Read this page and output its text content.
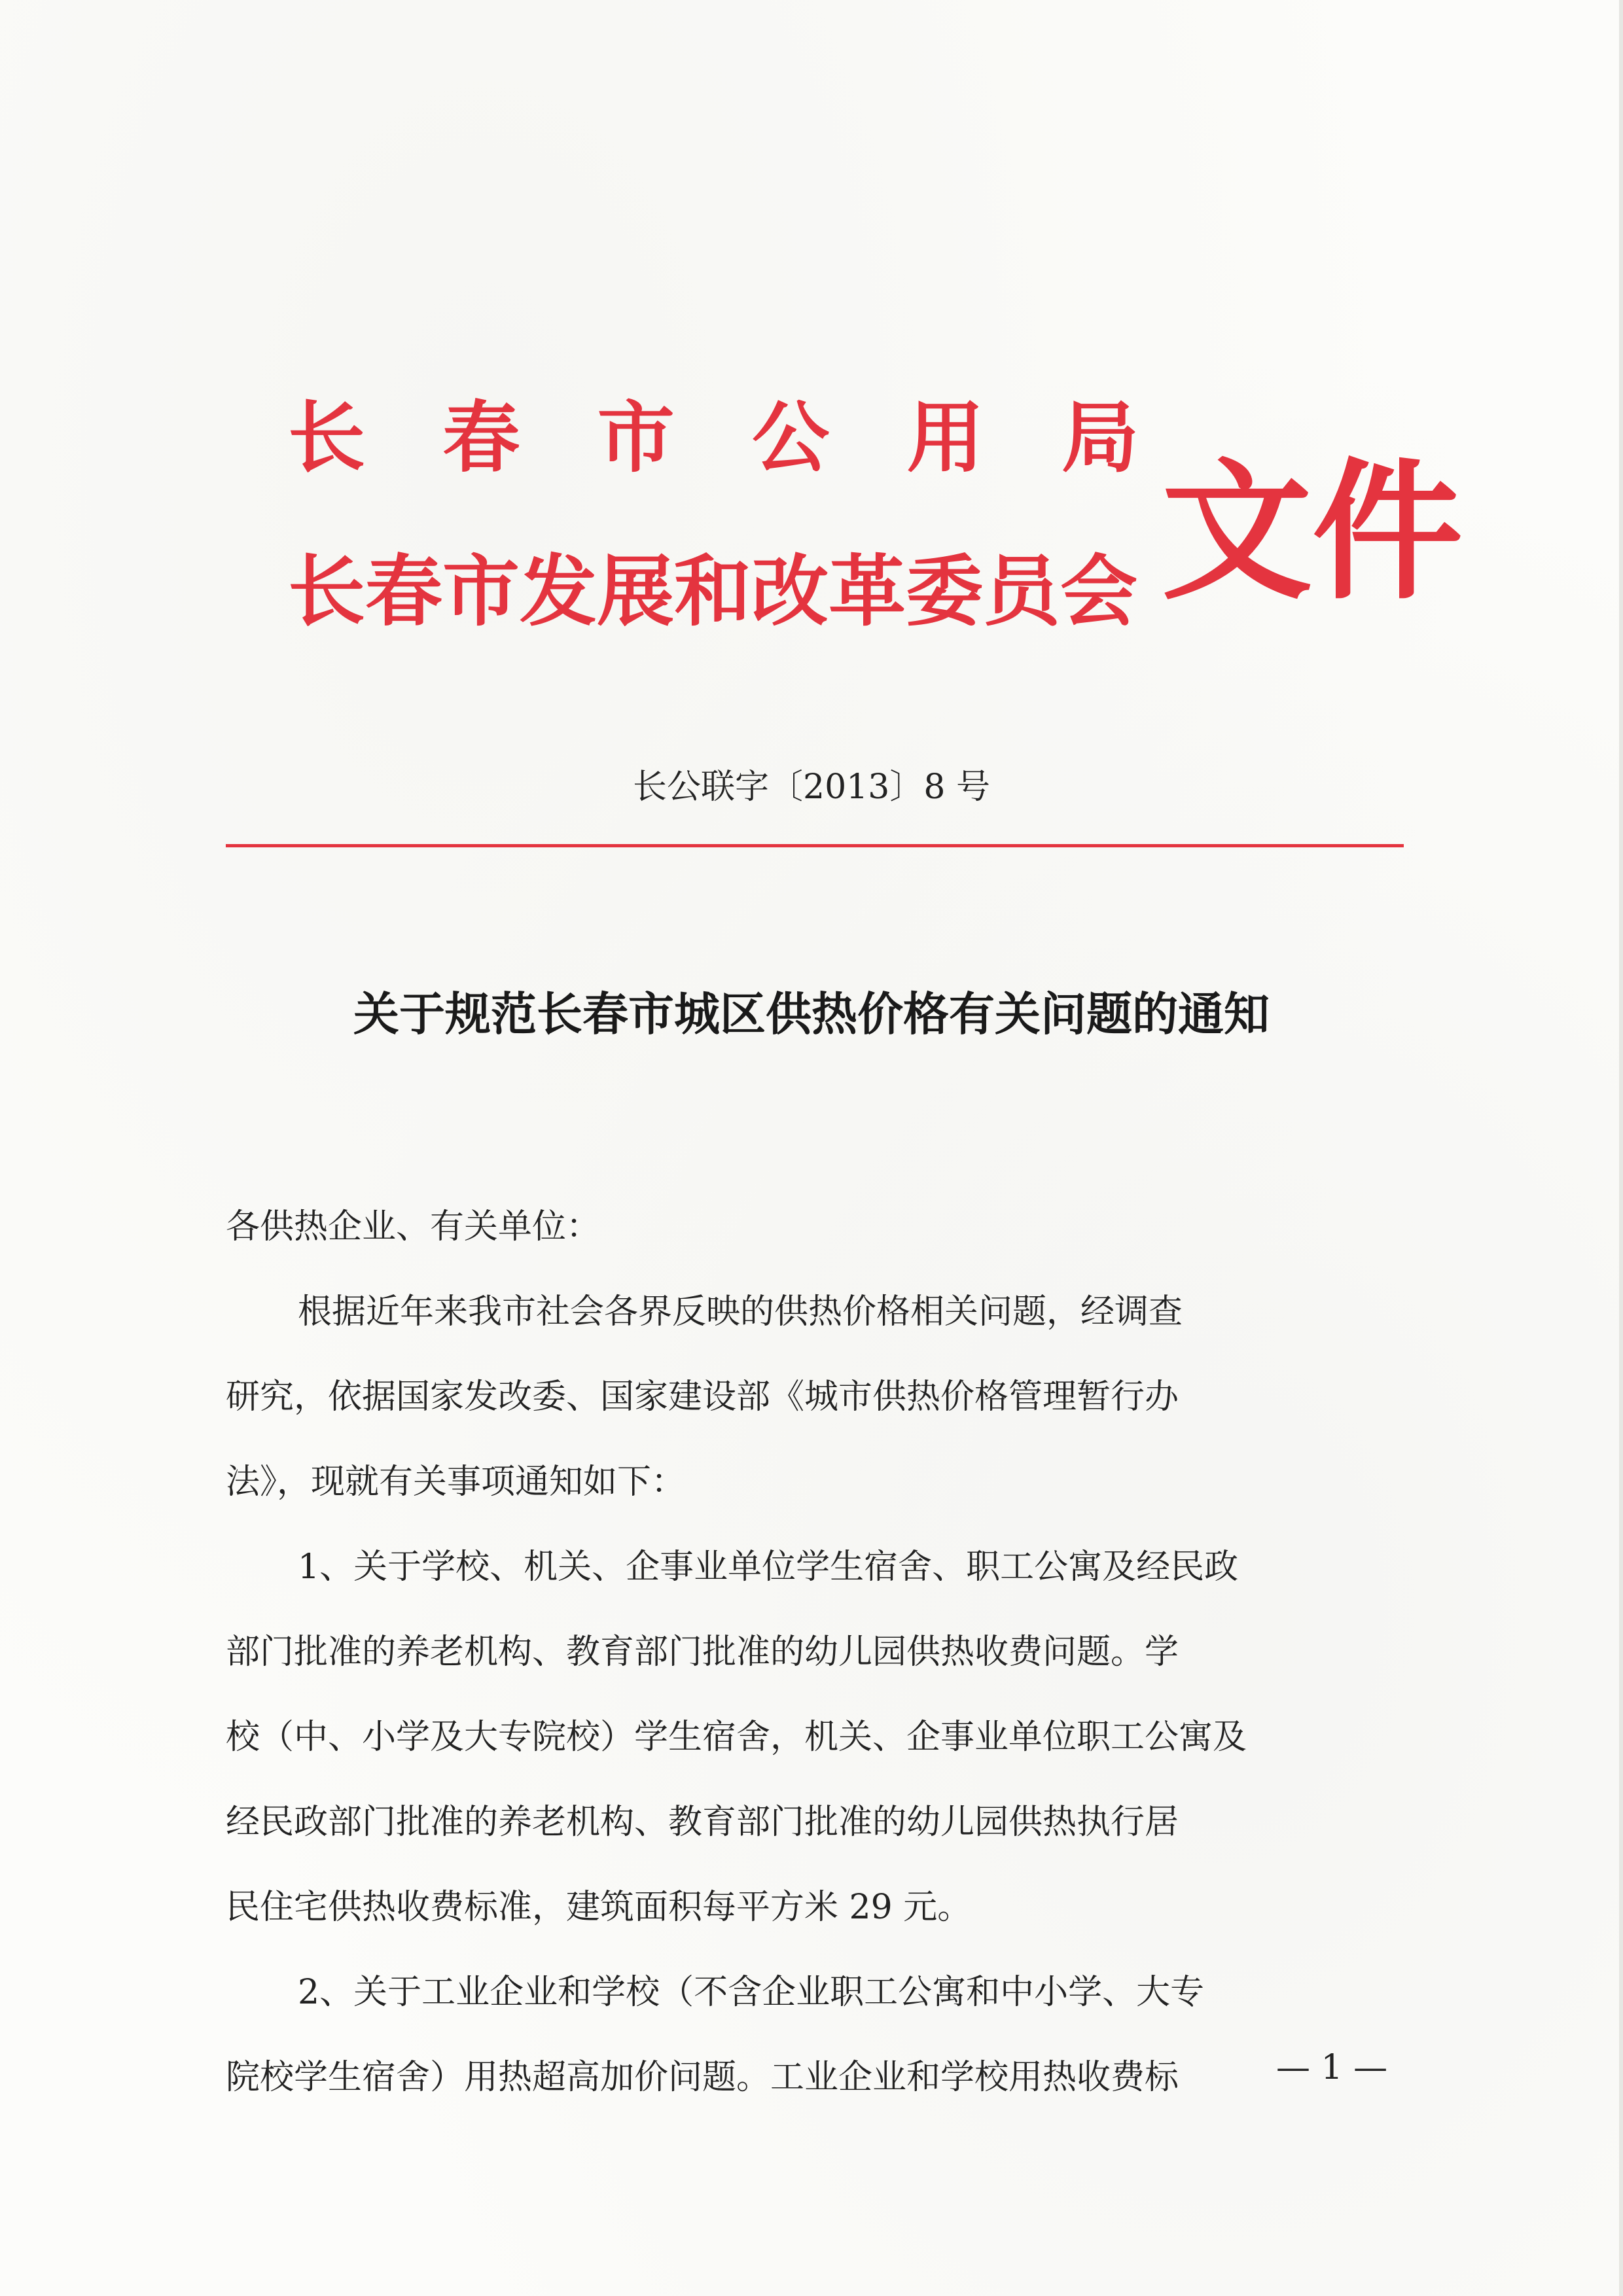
长 春 市 公 用 局
长春市发展和改革委员会 文件
长公联字〔2013〕8 号
关于规范长春市城区供热价格有关问题的通知
各供热企业、有关单位：
根据近年来我市社会各界反映的供热价格相关问题，经调查
研究，依据国家发改委、国家建设部《城市供热价格管理暂行办
法》，现就有关事项通知如下：
1、关于学校、机关、企事业单位学生宿舍、职工公寓及经民政
部门批准的养老机构、教育部门批准的幼儿园供热收费问题。学
校（中、小学及大专院校）学生宿舍，机关、企事业单位职工公寓及
经民政部门批准的养老机构、教育部门批准的幼儿园供热执行居
民住宅供热收费标准，建筑面积每平方米 29 元。
2、关于工业企业和学校（不含企业职工公寓和中小学、大专
院校学生宿舍）用热超高加价问题。工业企业和学校用热收费标	— 1 —
